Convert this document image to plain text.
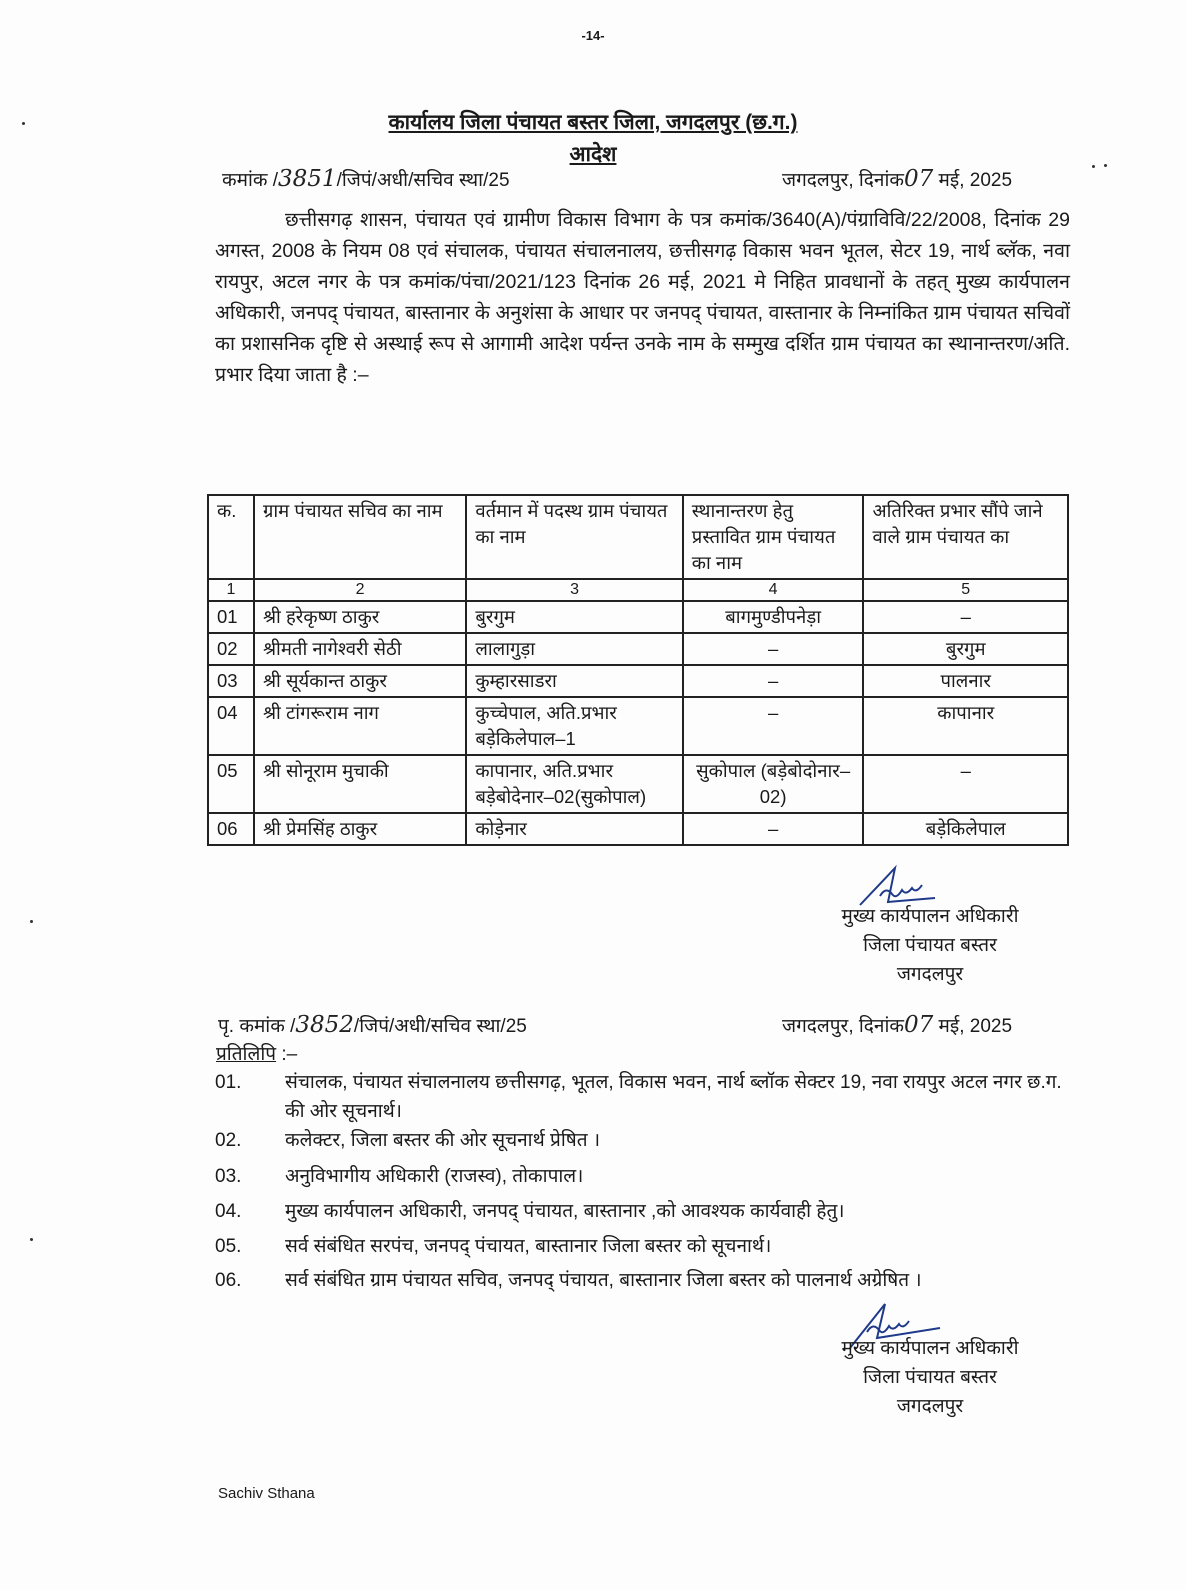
-14-
कार्यालय जिला पंचायत बस्तर जिला, जगदलपुर (छ.ग.)
आदेश
कमांक /3851/जिपं/अधी/सचिव स्था/25	जगदलपुर, दिनांक07 मई, 2025
छत्तीसगढ़ शासन, पंचायत एवं ग्रामीण विकास विभाग के पत्र कमांक/3640(A)/पंग्राविवि/22/2008, दिनांक 29 अगस्त, 2008 के नियम 08 एवं संचालक, पंचायत संचालनालय, छत्तीसगढ़ विकास भवन भूतल, सेटर 19, नार्थ ब्लॅक, नवा रायपुर, अटल नगर के पत्र कमांक/पंचा/2021/123 दिनांक 26 मई, 2021 मे निहित प्रावधानों के तहत् मुख्य कार्यपालन अधिकारी, जनपद् पंचायत, बास्तानार के अनुशंसा के आधार पर जनपद् पंचायत, वास्तानार के निम्नांकित ग्राम पंचायत सचिवों का प्रशासनिक दृष्टि से अस्थाई रूप से आगामी आदेश पर्यन्त उनके नाम के सम्मुख दर्शित ग्राम पंचायत का स्थानान्तरण/अति. प्रभार दिया जाता है :–
क.	ग्राम पंचायत सचिव का नाम	वर्तमान में पदस्थ ग्राम पंचायत का नाम	स्थानान्तरण हेतु प्रस्तावित ग्राम पंचायत का नाम	अतिरिक्त प्रभार सौंपे जाने वाले ग्राम पंचायत का
1	2	3	4	5
01	श्री हरेकृष्ण ठाकुर	बुरगुम	बागमुण्डीपनेड़ा	–
02	श्रीमती नागेश्वरी सेठी	लालागुड़ा	–	बुरगुम
03	श्री सूर्यकान्त ठाकुर	कुम्हारसाडरा	–	पालनार
04	श्री टांगरूराम नाग	कुच्चेपाल, अति.प्रभार बड़ेकिलेपाल–1	–	कापानार
05	श्री सोनूराम मुचाकी	कापानार, अति.प्रभार बड़ेबोदेनार–02(सुकोपाल)	सुकोपाल (बड़ेबोदोनार–02)	–
06	श्री प्रेमसिंह ठाकुर	कोड़ेनार	–	बड़ेकिलेपाल
मुख्य कार्यपालन अधिकारी
जिला पंचायत बस्तर
जगदलपुर
पृ. कमांक /3852/जिपं/अधी/सचिव स्था/25	जगदलपुर, दिनांक07 मई, 2025
प्रतिलिपि :–
01.	संचालक, पंचायत संचालनालय छत्तीसगढ़, भूतल, विकास भवन, नार्थ ब्लॉक सेक्टर 19, नवा रायपुर अटल नगर छ.ग. की ओर सूचनार्थ।
02.	कलेक्टर, जिला बस्तर की ओर सूचनार्थ प्रेषित ।
03.	अनुविभागीय अधिकारी (राजस्व), तोकापाल।
04.	मुख्य कार्यपालन अधिकारी, जनपद् पंचायत, बास्तानार ,को आवश्यक कार्यवाही हेतु।
05.	सर्व संबंधित सरपंच, जनपद् पंचायत, बास्तानार जिला बस्तर को सूचनार्थ।
06.	सर्व संबंधित ग्राम पंचायत सचिव, जनपद् पंचायत, बास्तानार जिला बस्तर को पालनार्थ अग्रेषित ।
मुख्य कार्यपालन अधिकारी
जिला पंचायत बस्तर
जगदलपुर
Sachiv Sthana
